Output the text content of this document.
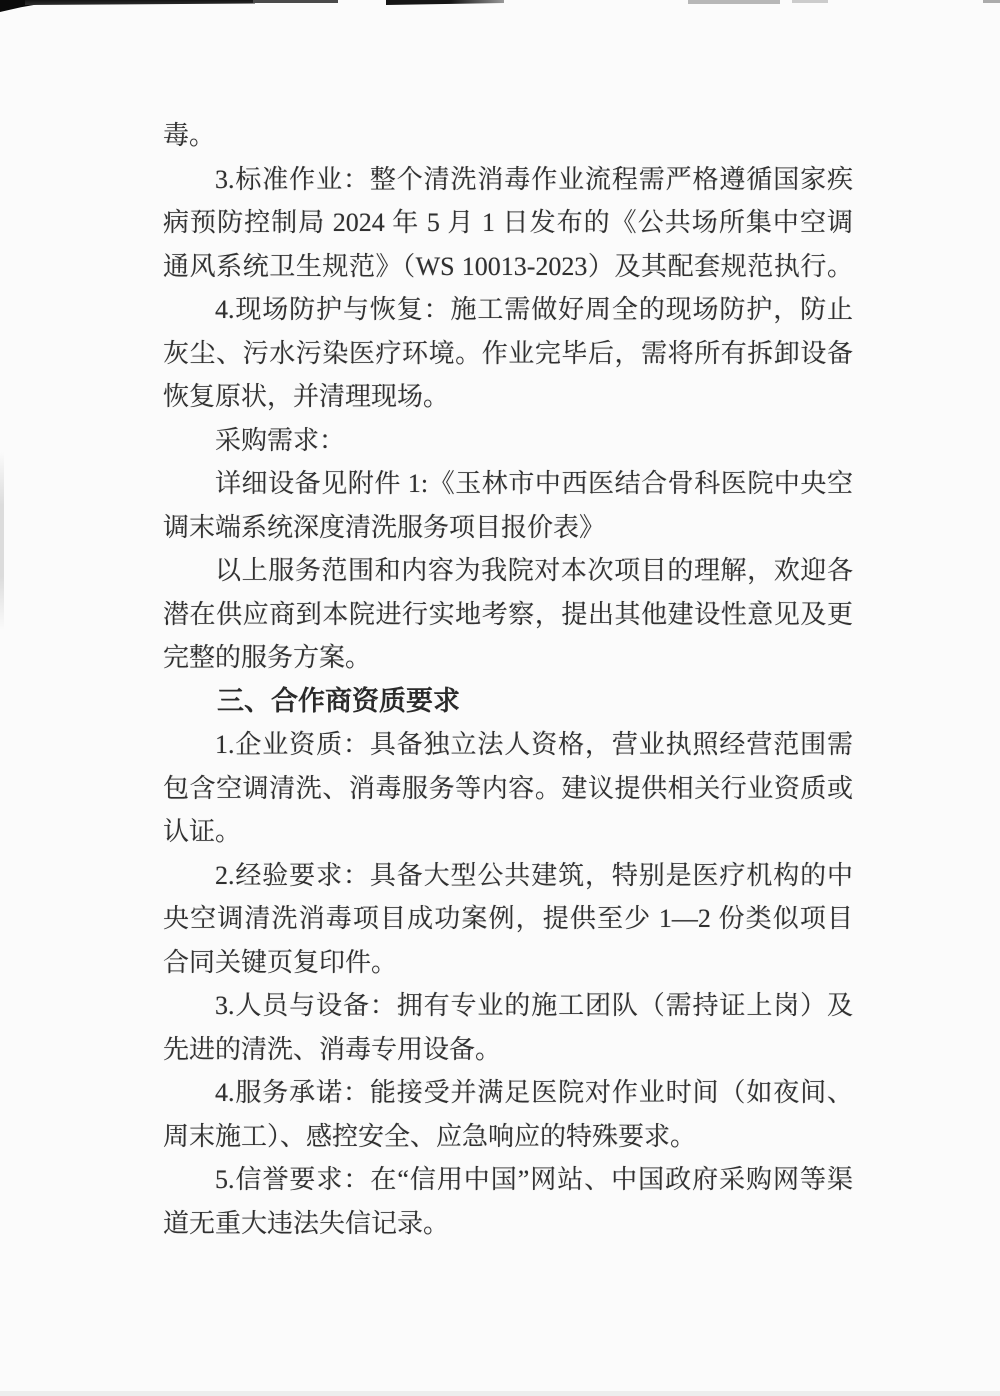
毒。
3.标准作业：整个清洗消毒作业流程需严格遵循国家疾
病预防控制局 2024 年 5 月 1 日发布的《公共场所集中空调
通风系统卫生规范》（WS 10013-2023）及其配套规范执行。
4.现场防护与恢复：施工需做好周全的现场防护，防止
灰尘、污水污染医疗环境。作业完毕后，需将所有拆卸设备
恢复原状，并清理现场。
采购需求：
详细设备见附件 1:《玉林市中西医结合骨科医院中央空
调末端系统深度清洗服务项目报价表》
以上服务范围和内容为我院对本次项目的理解，欢迎各
潜在供应商到本院进行实地考察，提出其他建设性意见及更
完整的服务方案。
三、合作商资质要求
1.企业资质：具备独立法人资格，营业执照经营范围需
包含空调清洗、消毒服务等内容。建议提供相关行业资质或
认证。
2.经验要求：具备大型公共建筑，特别是医疗机构的中
央空调清洗消毒项目成功案例，提供至少 1—2 份类似项目
合同关键页复印件。
3.人员与设备：拥有专业的施工团队（需持证上岗）及
先进的清洗、消毒专用设备。
4.服务承诺：能接受并满足医院对作业时间（如夜间、
周末施工）、感控安全、应急响应的特殊要求。
5.信誉要求：在“信用中国”网站、中国政府采购网等渠
道无重大违法失信记录。
